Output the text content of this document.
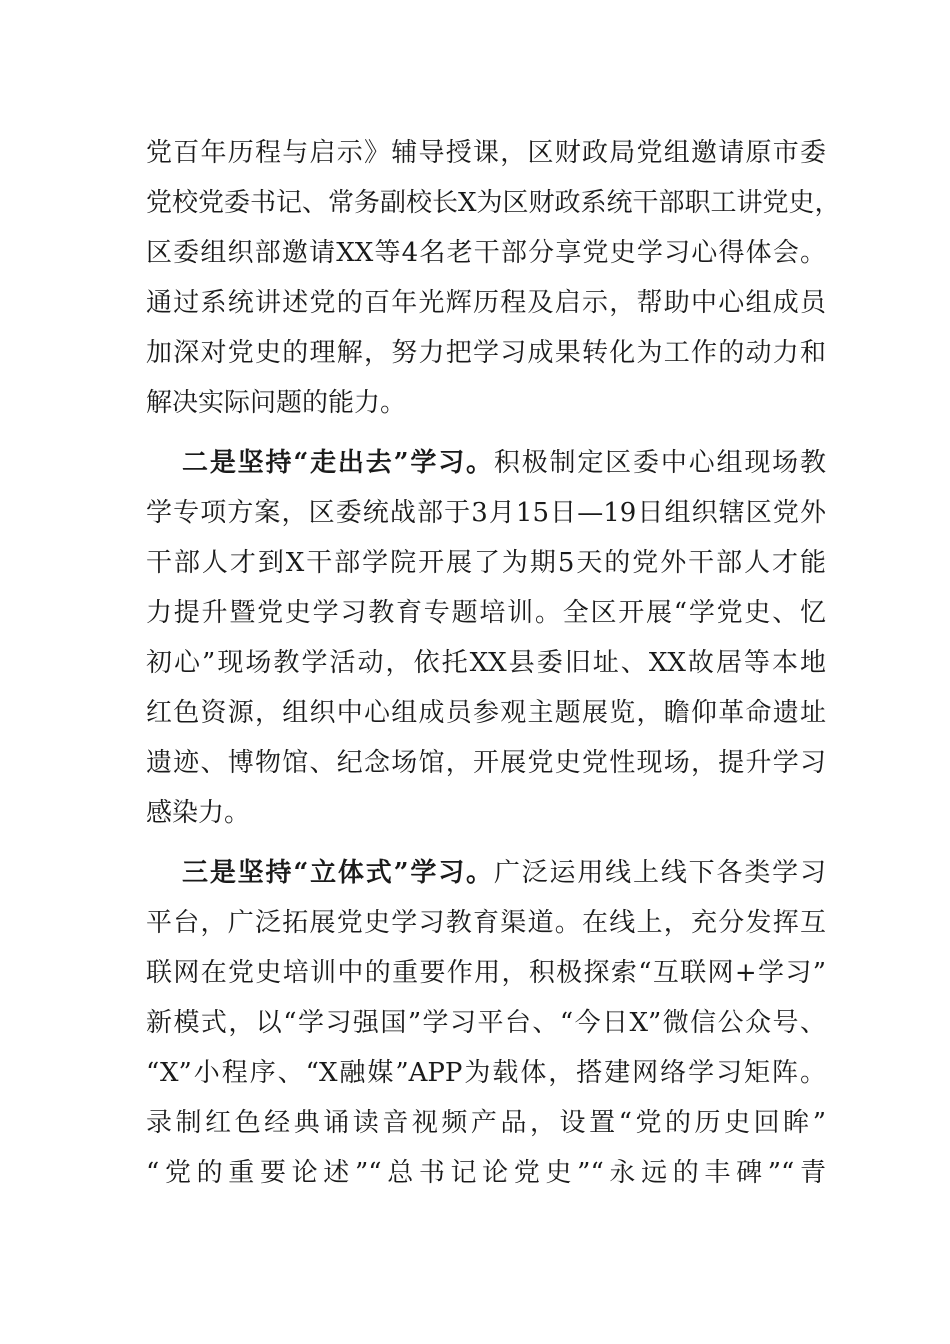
党百年历程与启示》辅导授课，区财政局党组邀请原市委
党校党委书记、常务副校长X为区财政系统干部职工讲党史，
区委组织部邀请XX等4名老干部分享党史学习心得体会。
通过系统讲述党的百年光辉历程及启示，帮助中心组成员
加深对党史的理解，努力把学习成果转化为工作的动力和
解决实际问题的能力。
二是坚持“走出去”学习。积极制定区委中心组现场教
学专项方案，区委统战部于3月15日—19日组织辖区党外
干部人才到X干部学院开展了为期5天的党外干部人才能
力提升暨党史学习教育专题培训。全区开展“学党史、忆
初心”现场教学活动，依托XX县委旧址、XX故居等本地
红色资源，组织中心组成员参观主题展览，瞻仰革命遗址
遗迹、博物馆、纪念场馆，开展党史党性现场，提升学习
感染力。
三是坚持“立体式”学习。广泛运用线上线下各类学习
平台，广泛拓展党史学习教育渠道。在线上，充分发挥互
联网在党史培训中的重要作用，积极探索“互联网+学习”
新模式，以“学习强国”学习平台、“今日X”微信公众号、
“X”小程序、“X融媒”APP为载体，搭建网络学习矩阵。
录制红色经典诵读音视频产品，设置“党的历史回眸”
“党的重要论述”“总书记论党史”“永远的丰碑”“青
